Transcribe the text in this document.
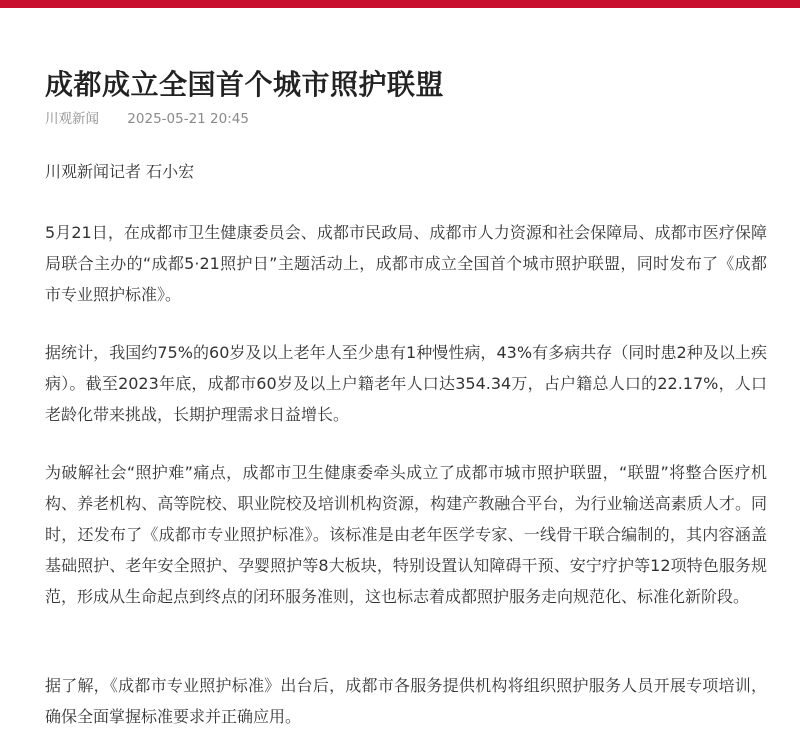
成都成立全国首个城市照护联盟
川观新闻 2025-05-21 20:45

川观新闻记者 石小宏

5月21日，在成都市卫生健康委员会、成都市民政局、成都市人力资源和社会保障局、成都市医疗保障局联合主办的“成都5·21照护日”主题活动上，成都市成立全国首个城市照护联盟，同时发布了《成都市专业照护标准》。

据统计，我国约75%的60岁及以上老年人至少患有1种慢性病，43%有多病共存（同时患2种及以上疾病）。截至2023年底，成都市60岁及以上户籍老年人口达354.34万，占户籍总人口的22.17%，人口老龄化带来挑战，长期护理需求日益增长。

为破解社会“照护难”痛点，成都市卫生健康委牵头成立了成都市城市照护联盟，“联盟”将整合医疗机构、养老机构、高等院校、职业院校及培训机构资源，构建产教融合平台，为行业输送高素质人才。同时，还发布了《成都市专业照护标准》。该标准是由老年医学专家、一线骨干联合编制的，其内容涵盖基础照护、老年安全照护、孕婴照护等8大板块，特别设置认知障碍干预、安宁疗护等12项特色服务规范，形成从生命起点到终点的闭环服务准则，这也标志着成都照护服务走向规范化、标准化新阶段。

据了解，《成都市专业照护标准》出台后，成都市各服务提供机构将组织照护服务人员开展专项培训，确保全面掌握标准要求并正确应用。
